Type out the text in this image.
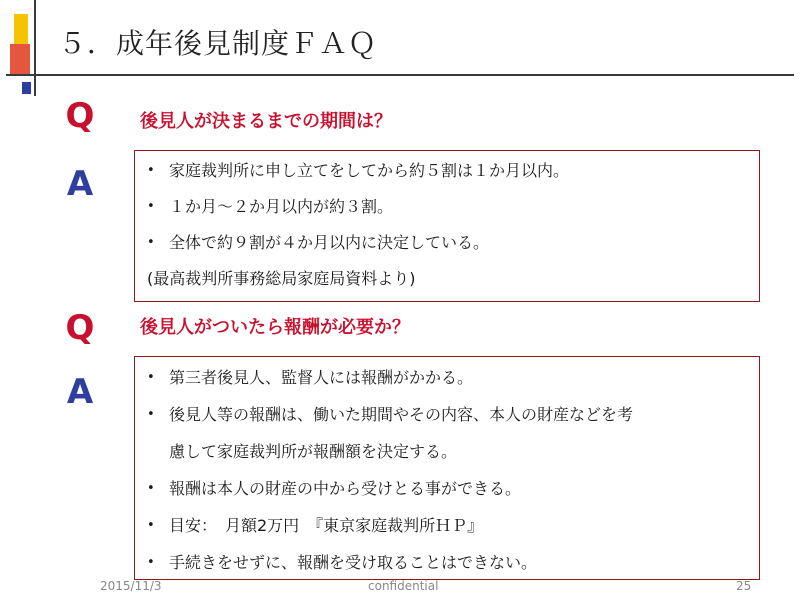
５．成年後見制度ＦＡＱ
Q	後見人が決まるまでの期間は？
A	• 家庭裁判所に申し立てをしてから約５割は１か月以内。
• １か月～２か月以内が約３割。
• 全体で約９割が４か月以内に決定している。
(最高裁判所事務総局家庭局資料より)
Q	後見人がついたら報酬が必要か？
A	• 第三者後見人、監督人には報酬がかかる。
• 後見人等の報酬は、働いた期間やその内容、本人の財産などを考
慮して家庭裁判所が報酬額を決定する。
• 報酬は本人の財産の中から受けとる事ができる。
• 目安：　月額2万円　『東京家庭裁判所ＨＰ』
• 手続きをせずに、報酬を受け取ることはできない。
2015/11/3	confidential	25
